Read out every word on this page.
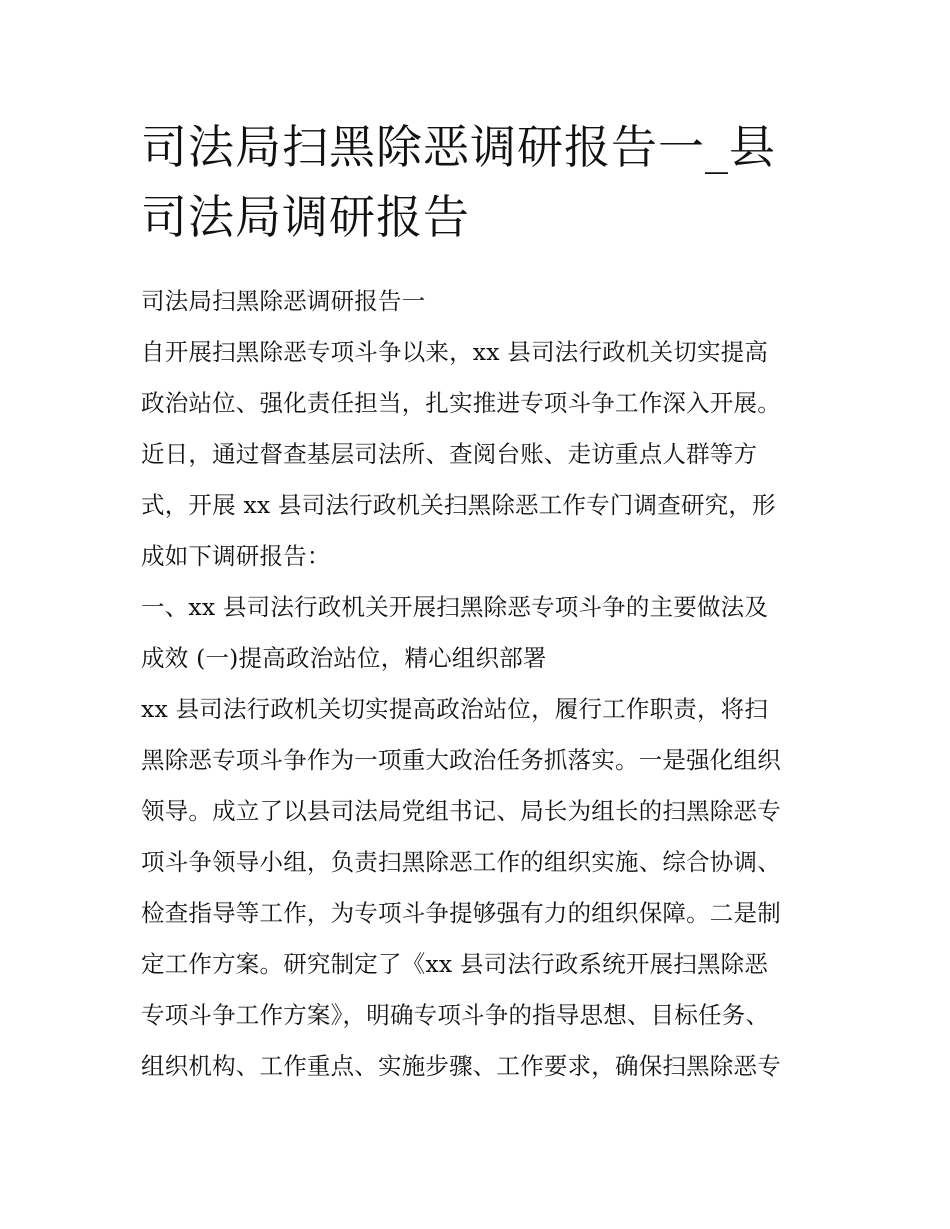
司法局扫黑除恶调研报告一_县
司法局调研报告
司法局扫黑除恶调研报告一
自开展扫黑除恶专项斗争以来，xx 县司法行政机关切实提高
政治站位、强化责任担当，扎实推进专项斗争工作深入开展。
近日，通过督查基层司法所、查阅台账、走访重点人群等方
式，开展 xx 县司法行政机关扫黑除恶工作专门调查研究，形
成如下调研报告：
一、xx 县司法行政机关开展扫黑除恶专项斗争的主要做法及
成效 (一)提高政治站位，精心组织部署
xx 县司法行政机关切实提高政治站位，履行工作职责，将扫
黑除恶专项斗争作为一项重大政治任务抓落实。一是强化组织
领导。成立了以县司法局党组书记、局长为组长的扫黑除恶专
项斗争领导小组，负责扫黑除恶工作的组织实施、综合协调、
检查指导等工作，为专项斗争提够强有力的组织保障。二是制
定工作方案。研究制定了《xx 县司法行政系统开展扫黑除恶
专项斗争工作方案》，明确专项斗争的指导思想、目标任务、
组织机构、工作重点、实施步骤、工作要求，确保扫黑除恶专
